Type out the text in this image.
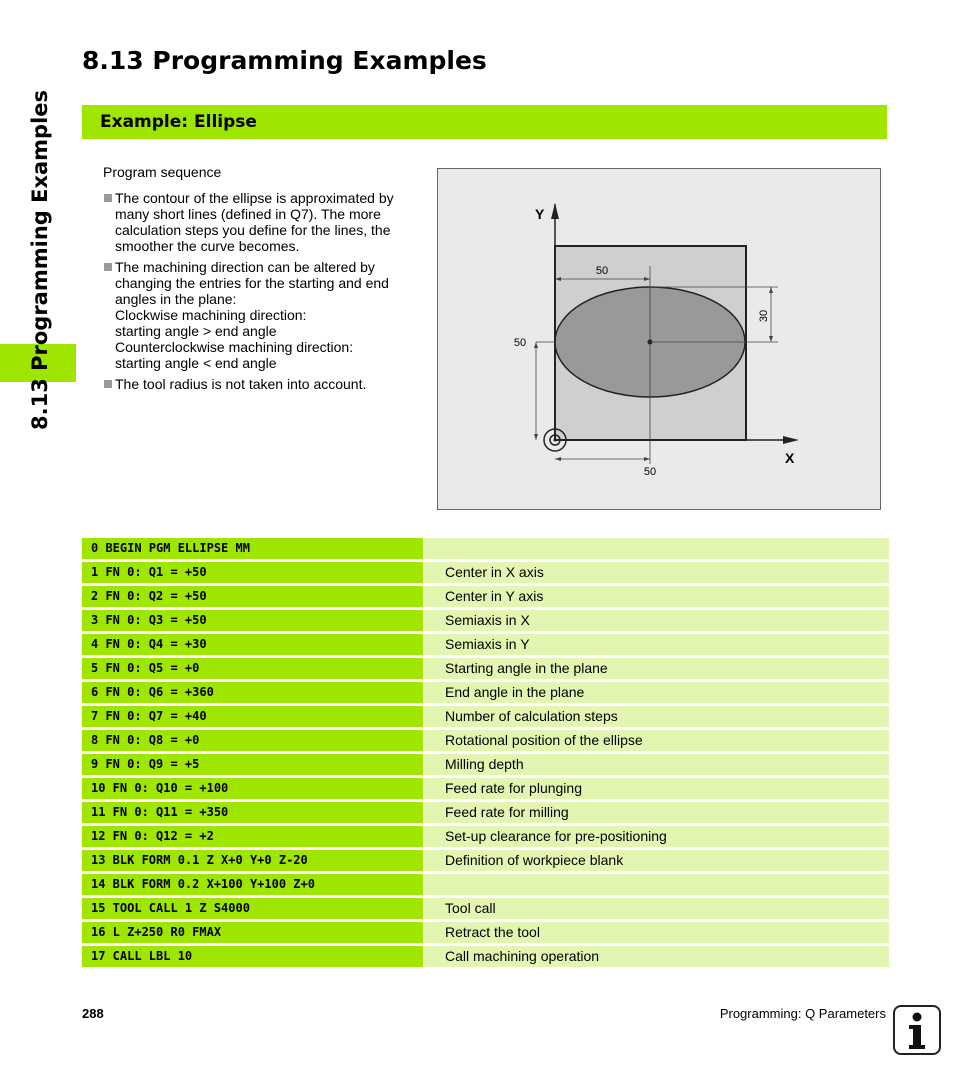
8.13 Programming Examples
8.13 Programming Examples
Example: Ellipse

Program sequence

The contour of the ellipse is approximated by
many short lines (defined in Q7). The more
calculation steps you define for the lines, the
smoother the curve becomes.
The machining direction can be altered by
changing the entries for the starting and end
angles in the plane:
Clockwise machining direction:
starting angle > end angle
Counterclockwise machining direction:
starting angle < end angle
The tool radius is not taken into account.
50
30
50
50
Y
X
0 BEGIN PGM ELLIPSE MM
1 FN 0: Q1 = +50	Center in X axis
2 FN 0: Q2 = +50	Center in Y axis
3 FN 0: Q3 = +50	Semiaxis in X
4 FN 0: Q4 = +30	Semiaxis in Y
5 FN 0: Q5 = +0	Starting angle in the plane
6 FN 0: Q6 = +360	End angle in the plane
7 FN 0: Q7 = +40	Number of calculation steps
8 FN 0: Q8 = +0	Rotational position of the ellipse
9 FN 0: Q9 = +5	Milling depth
10 FN 0: Q10 = +100	Feed rate for plunging
11 FN 0: Q11 = +350	Feed rate for milling
12 FN 0: Q12 = +2	Set-up clearance for pre-positioning
13 BLK FORM 0.1 Z X+0 Y+0 Z-20	Definition of workpiece blank
14 BLK FORM 0.2 X+100 Y+100 Z+0
15 TOOL CALL 1 Z S4000	Tool call
16 L Z+250 R0 FMAX	Retract the tool
17 CALL LBL 10	Call machining operation
288	Programming: Q Parameters
